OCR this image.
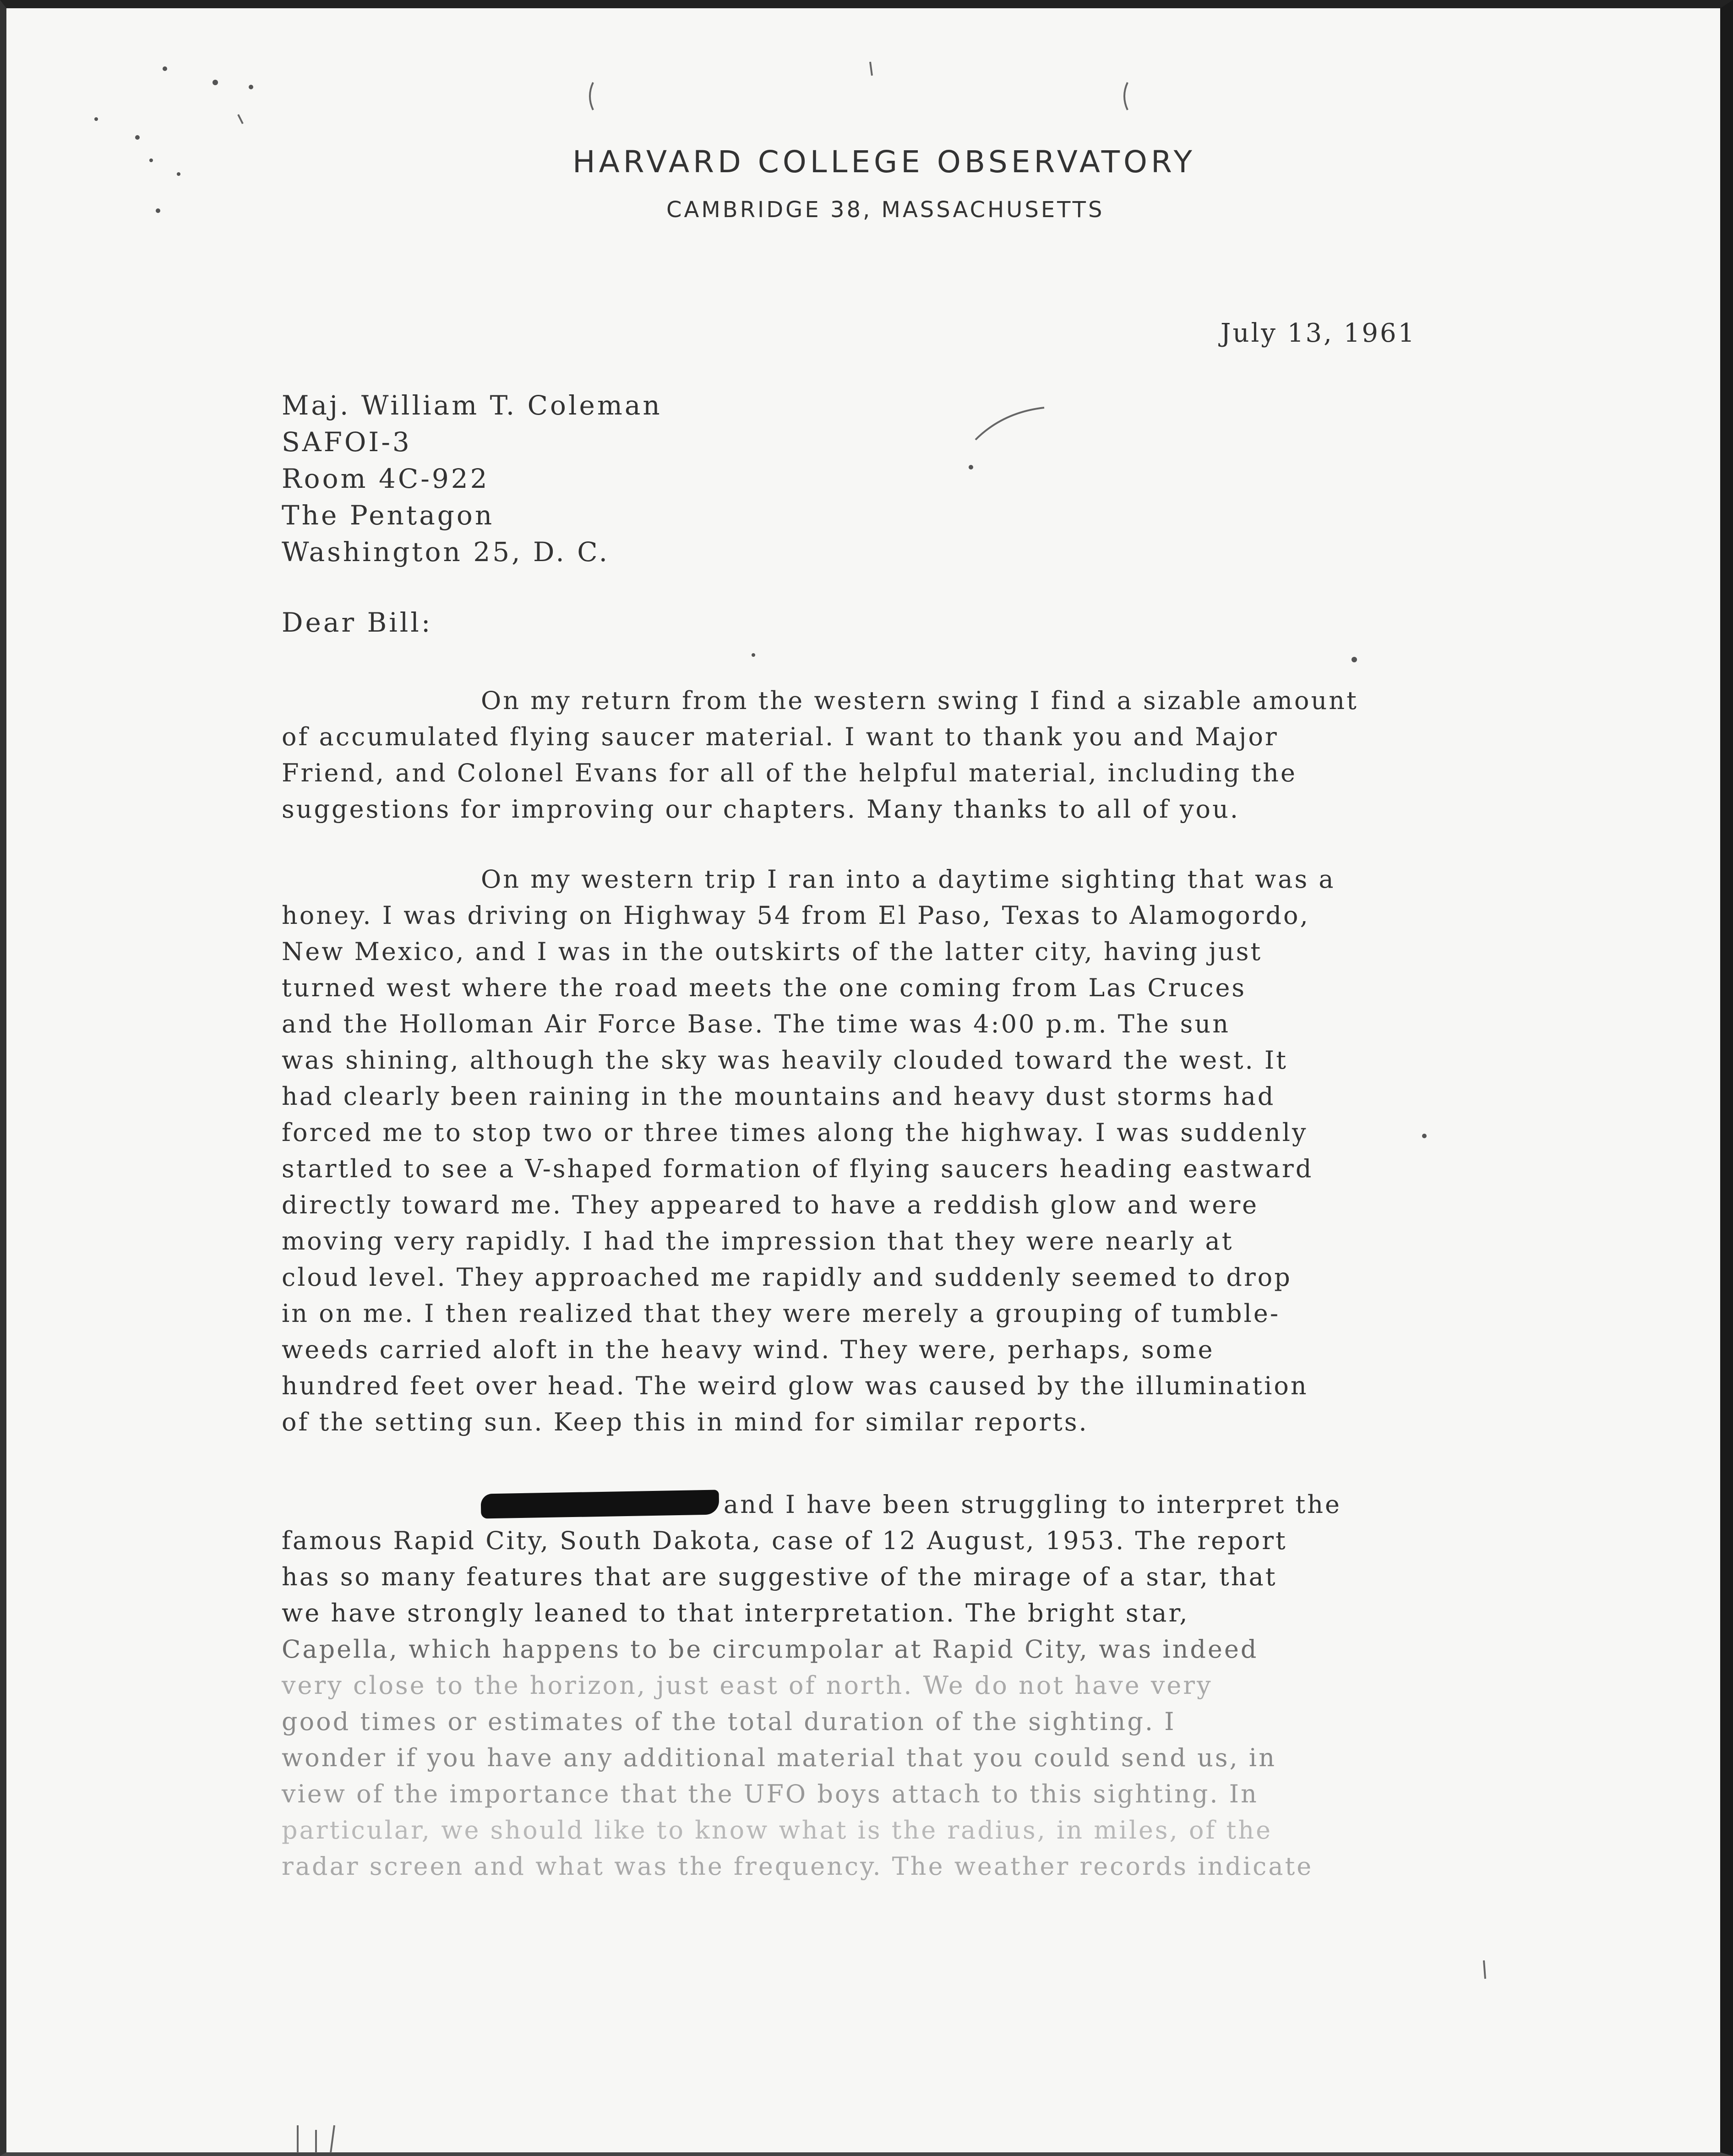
HARVARD COLLEGE OBSERVATORY
CAMBRIDGE 38, MASSACHUSETTS
July 13, 1961
Maj. William T. Coleman
SAFOI-3
Room 4C-922
The Pentagon
Washington 25, D. C.
Dear Bill:
On my return from the western swing I find a sizable amount
of accumulated flying saucer material. I want to thank you and Major
Friend, and Colonel Evans for all of the helpful material, including the
suggestions for improving our chapters. Many thanks to all of you.
On my western trip I ran into a daytime sighting that was a
honey. I was driving on Highway 54 from El Paso, Texas to Alamogordo,
New Mexico, and I was in the outskirts of the latter city, having just
turned west where the road meets the one coming from Las Cruces
and the Holloman Air Force Base. The time was 4:00 p.m. The sun
was shining, although the sky was heavily clouded toward the west. It
had clearly been raining in the mountains and heavy dust storms had
forced me to stop two or three times along the highway. I was suddenly
startled to see a V-shaped formation of flying saucers heading eastward
directly toward me. They appeared to have a reddish glow and were
moving very rapidly. I had the impression that they were nearly at
cloud level. They approached me rapidly and suddenly seemed to drop
in on me. I then realized that they were merely a grouping of tumble-
weeds carried aloft in the heavy wind. They were, perhaps, some
hundred feet over head. The weird glow was caused by the illumination
of the setting sun. Keep this in mind for similar reports.
and I have been struggling to interpret the
famous Rapid City, South Dakota, case of 12 August, 1953. The report
has so many features that are suggestive of the mirage of a star, that
we have strongly leaned to that interpretation. The bright star,
Capella, which happens to be circumpolar at Rapid City, was indeed
very close to the horizon, just east of north. We do not have very
good times or estimates of the total duration of the sighting. I
wonder if you have any additional material that you could send us, in
view of the importance that the UFO boys attach to this sighting. In
particular, we should like to know what is the radius, in miles, of the
radar screen and what was the frequency. The weather records indicate
